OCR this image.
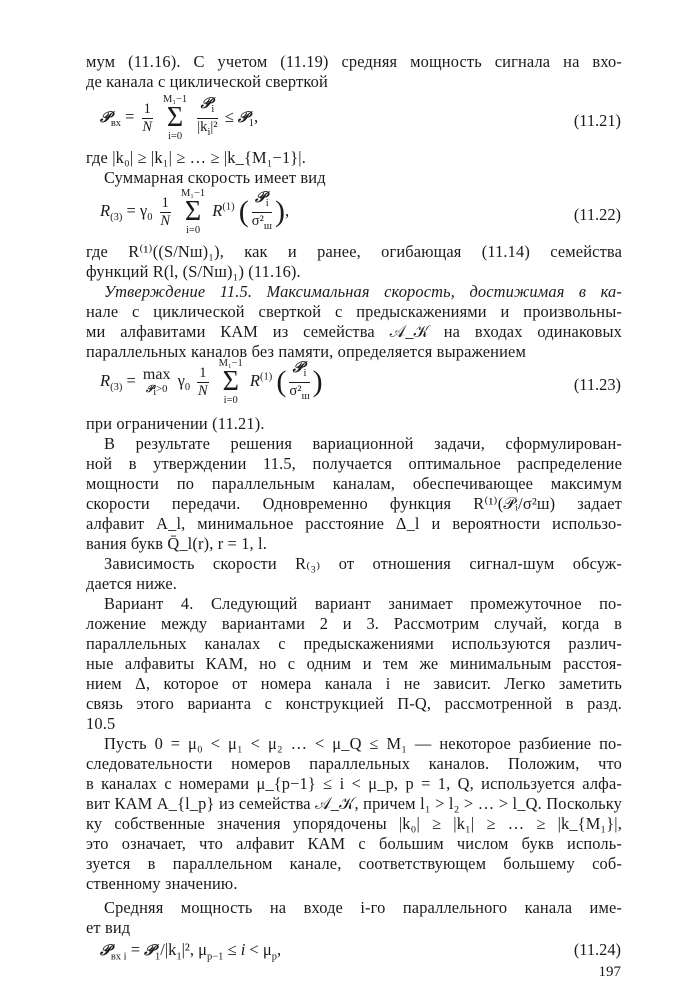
мум (11.16). С учетом (11.19) средняя мощность сигнала на вхо-
де канала с циклической сверткой
𝒫$_{вх}$ = $\frac{1}{N}$

M₁−1
Σ
i=0
	$\frac{𝒫_i}{|k_i|^2}$ ≤ 𝒫$_1$,	(11.21)
где |k₀| ≥ |k₁| ≥ … ≥ |k_{M₁−1}|.
Суммарная скорость имеет вид
$R_{(3)} = \gamma_0 \frac{1}{N}$

M₁−1
Σ
i=0
$R^{(1)}$ ( $\frac{𝒫_i}{\sigma^2_ш}$ ),	(11.22)
где R⁽¹⁾((S/Nш)₁), как и ранее, огибающая (11.14) семейства
функций R(l, (S/Nш)₁) (11.16).
Утверждение 11.5. Максимальная скорость, достижимая в ка-
нале с циклической сверткой с предыскажениями и произвольны-
ми алфавитами КАМ из семейства 𝒜_𝒦 на входах одинаковых
параллельных каналов без памяти, определяется выражением
$R_{(3)} = \max$
𝒫$_i$>0 $\gamma_0 \frac{1}{N}$

M₁−1
Σ
i=0
$R^{(1)}$ ( $\frac{𝒫_i}{\sigma^2_ш}$ )	(11.23)
при ограничении (11.21).
В результате решения вариационной задачи, сформулирован-
ной в утверждении 11.5, получается оптимальное распределение
мощности по параллельным каналам, обеспечивающее максимум
скорости передачи. Одновременно функция R⁽¹⁾(𝒫ᵢ/σ²ш) задает
алфавит A_l, минимальное расстояние Δ_l и вероятности использо-
вания букв Q̄_l(r), r = 1, l.
Зависимость скорости R₍₃₎ от отношения сигнал-шум обсуж-
дается ниже.
Вариант 4. Следующий вариант занимает промежуточное по-
ложение между вариантами 2 и 3. Рассмотрим случай, когда в
параллельных каналах с предыскажениями используются различ-
ные алфавиты КАМ, но с одним и тем же минимальным расстоя-
нием Δ, которое от номера канала i не зависит. Легко заметить
связь этого варианта с конструкцией П-Q, рассмотренной в разд.
10.5
Пусть 0 = μ₀ < μ₁ < μ₂ … < μ_Q ≤ M₁ — некоторое разбиение по-
следовательности номеров параллельных каналов. Положим, что
в каналах с номерами μ_{p−1} ≤ i < μ_p, p = 1, Q, используется алфа-
вит КАМ A_{l_p} из семейства 𝒜_𝒦, причем l₁ > l₂ > … > l_Q. Поскольку
ку собственные значения упорядочены |k₀| ≥ |k₁| ≥ … ≥ |k_{M₁}|,
это означает, что алфавит КАМ с большим числом букв исполь-
зуется в параллельном канале, соответствующем большему соб-
ственному значению.
Средняя мощность на входе i-го параллельного канала име-
ет вид
𝒫$_{вх i}$ = $𝒫_1/|k_1|^2$, $\mu_{p-1} \le i < \mu_p$,	(11.24)
197
